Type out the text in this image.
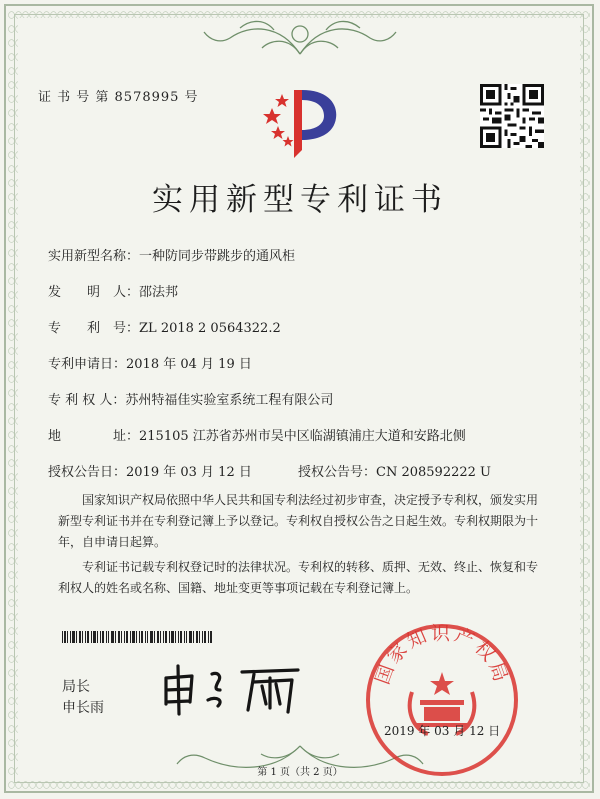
证 书 号 第 8578995 号
实用新型专利证书
实用新型名称：一种防同步带跳步的通风柜
发　　明　人：邵法邦
专　　利　号：ZL 2018 2 0564322.2
专利申请日：2018 年 04 月 19 日
专 利 权 人：苏州特福佳实验室系统工程有限公司
地　　　　址：215105 江苏省苏州市吴中区临湖镇浦庄大道和安路北侧
授权公告日：2019 年 03 月 12 日	授权公告号：CN 208592222 U
国家知识产权局依照中华人民共和国专利法经过初步审查，决定授予专利权，颁发实用新型专利证书并在专利登记簿上予以登记。专利权自授权公告之日起生效。专利权期限为十年，自申请日起算。
专利证书记载专利权登记时的法律状况。专利权的转移、质押、无效、终止、恢复和专利权人的姓名或名称、国籍、地址变更等事项记载在专利登记簿上。
局长
申长雨
国家知识产权局
2019 年 03 月 12 日
第 1 页（共 2 页）
